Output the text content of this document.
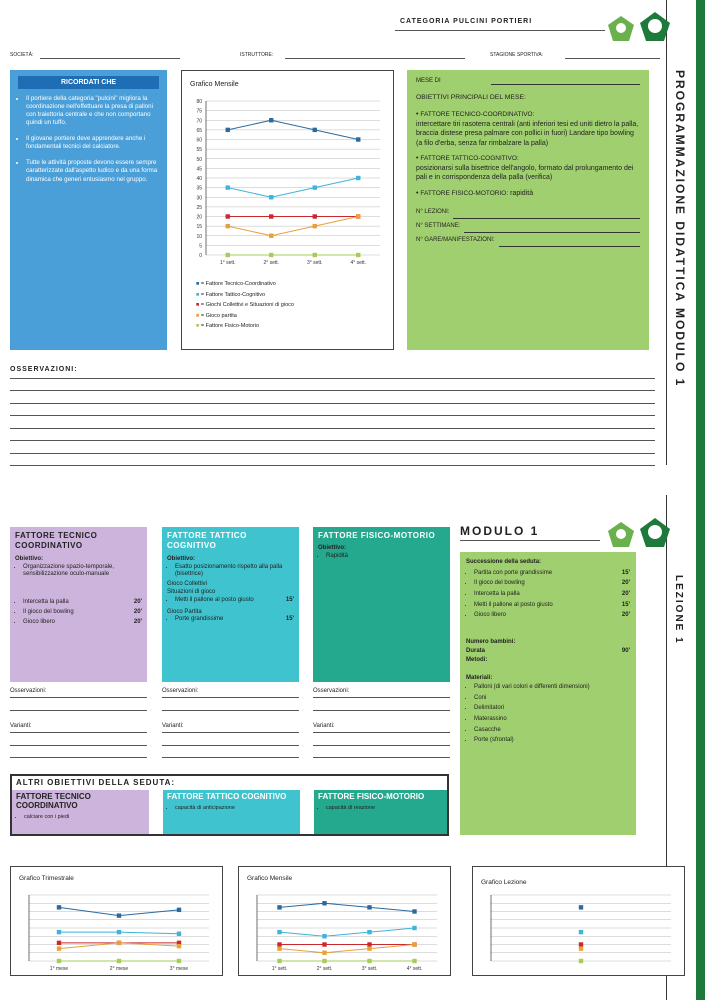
PROGRAMMAZIONE DIDATTICA MODULO 1
LEZIONE 1
CATEGORIA PULCINI PORTIERI
SOCIETÀ:	ISTRUTTORE:	STAGIONE SPORTIVA:
RICORDATI CHE
• Il portiere della categoria "pulcini" migliora la coordinazione nell'effettuare la presa di palloni con traiettoria centrale e che non comportano quindi un tuffo.
• Il giovane portiere deve apprendere anche i fondamentali tecnici del calciatore.
• Tutte le attività proposte devono essere sempre caratterizzate dall'aspetto ludico e da una forma dinamica che generi entusiasmo nel gruppo.
Grafico Mensile
0
5
10
15
20
25
30
35
40
45
50
55
60
65
70
75
80
1° sett.	2° sett.	3° sett.	4° sett.
■ = Fattore Tecnico-Coordinativo
■ = Fattore Tattico-Cognitivo
■ = Giochi Collettivi e Situazioni di gioco
■ = Gioco partita
■ = Fattore Fisico-Motorio
MESE DI
OBIETTIVI PRINCIPALI DEL MESE:
• FATTORE TECNICO-COORDINATIVO:
intercettare tiri rasoterra centrali (anti inferiori tesi ed uniti dietro la palla, braccia distese presa palmare con pollici in fuori) Landare tipo bowling (a filo d'erba, senza far rimbalzare la palla)
• FATTORE TATTICO-COGNITIVO:
posizionarsi sulla bisettrice dell'angolo, formato dal prolungamento dei pali e in corrispondenza della palla (verifica)
• FATTORE FISICO-MOTORIO: rapidità
N° LEZIONI:
N° SETTIMANE:
N° GARE/MANIFESTAZIONI:
OSSERVAZIONI:
MODULO 1
FATTORE TECNICO COORDINATIVO
Obiettivo:
• Organizzazione spazio-temporale, sensibilizzazione oculo-manuale
• Intercetta la palla	20'
• Il gioco del bowling	20'
• Gioco libero	20'
FATTORE TATTICO COGNITIVO
Obiettivo:
• Esatto posizionamento rispetto alla palla (bisettrice)
Gioco Collettivi
Situazioni di gioco
• Metti il pallone al posto giusto	15'
Gioco Partita
• Porte grandissime	15'
FATTORE FISICO-MOTORIO
Obiettivo:
• Rapidità
Osservazioni:
Varianti:
Osservazioni:
Varianti:
Osservazioni:
Varianti:
Successione della seduta:
• Partita con porte grandissime	15'
• Il gioco del bowling	20'
• Intercetta la palla	20'
• Metti il pallone al posto giusto	15'
• Gioco libero	20'
Numero bambini:
Durata	90'
Metodi:
Materiali:
• Palloni (di vari colori e differenti dimensioni)
• Coni
• Delimitatori
• Materassino
• Casacche
• Porte (sfrontal)
ALTRI OBIETTIVI DELLA SEDUTA:
FATTORE TECNICO COORDINATIVO
• calciare con i piedi
FATTORE TATTICO COGNITIVO
• capacità di anticipazione
FATTORE FISICO-MOTORIO
• capacità di reazione
Grafico Trimestrale
1° mese	2° mese	3° mese
Grafico Mensile
1° sett.	2° sett.	3° sett.	4° sett.
Grafico Lezione
